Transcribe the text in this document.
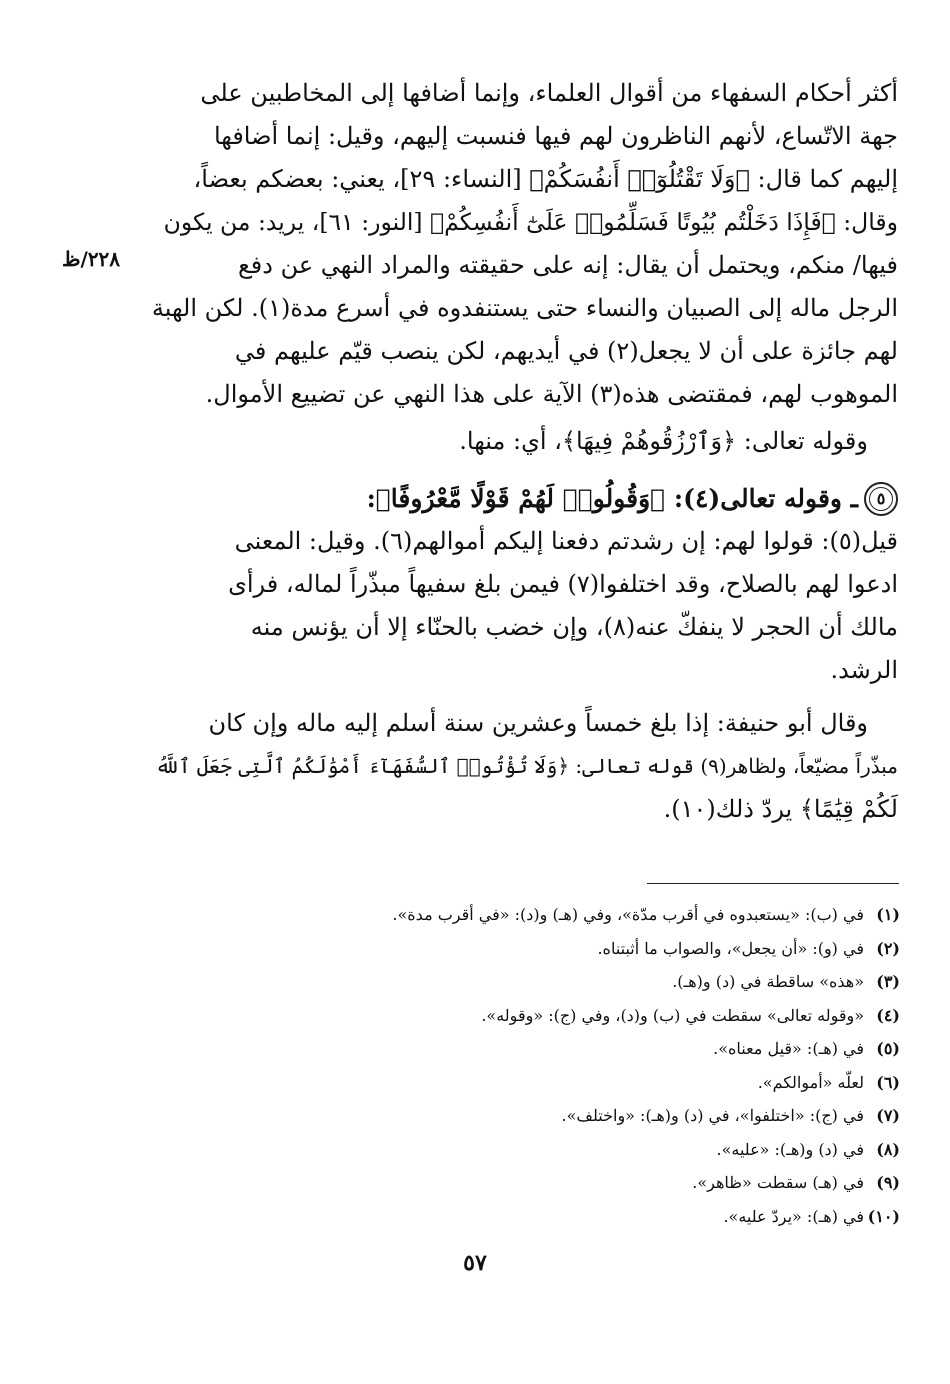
٢٢٨/ظ
أكثر أحكام السفهاء من أقوال العلماء، وإنما أضافها إلى المخاطبين على
جهة الاتّساع، لأنهم الناظرون لهم فيها فنسبت إليهم، وقيل: إنما أضافها
إليهم كما قال: ﴿وَلَا تَقْتُلُوٓا۟ أَنفُسَكُمْ﴾ [النساء: ٢٩]، يعني: بعضكم بعضاً،
وقال: ﴿فَإِذَا دَخَلْتُم بُيُوتًا فَسَلِّمُوا۟ عَلَىٰٓ أَنفُسِكُمْ﴾ [النور: ٦١]، يريد: من يكون
فيها/ منكم، ويحتمل أن يقال: إنه على حقيقته والمراد النهي عن دفع
الرجل ماله إلى الصبيان والنساء حتى يستنفدوه في أسرع مدة(١). لكن الهبة
لهم جائزة على أن لا يجعل(٢) في أيديهم، لكن ينصب قيّم عليهم في
الموهوب لهم، فمقتضى هذه(٣) الآية على هذا النهي عن تضييع الأموال.
وقوله تعالى: ﴿وَٱرْزُقُوهُمْ فِيهَا﴾، أي: منها.
٥
ـ وقوله تعالى(٤): ﴿وَقُولُوا۟ لَهُمْ قَوْلًا مَّعْرُوفًا﴾:
قيل(٥): قولوا لهم: إن رشدتم دفعنا إليكم أموالهم(٦). وقيل: المعنى
ادعوا لهم بالصلاح، وقد اختلفوا(٧) فيمن بلغ سفيهاً مبذّراً لماله، فرأى
مالك أن الحجر لا ينفكّ عنه(٨)، وإن خضب بالحنّاء إلا أن يؤنس منه
الرشد.
وقال أبو حنيفة: إذا بلغ خمساً وعشرين سنة أسلم إليه ماله وإن كان
مبذّراً مضيّعاً، ولظاهر(٩) قوله تعالى: ﴿وَلَا تُؤْتُوا۟ ٱلسُّفَهَآءَ أَمْوَٰلَكُمُ ٱلَّتِى جَعَلَ ٱللَّهُ
لَكُمْ قِيَٰمًا﴾ يردّ ذلك(١٠).
(١)في (ب): «يستعبدوه في أقرب مدّة»، وفي (هـ) و(د): «في أقرب مدة».
(٢)في (و): «أن يجعل»، والصواب ما أثبتناه.
(٣)«هذه» ساقطة في (د) و(هـ).
(٤)«وقوله تعالى» سقطت في (ب) و(د)، وفي (ج): «وقوله».
(٥)في (هـ): «قيل معناه».
(٦)لعلّه «أموالكم».
(٧)في (ج): «اختلفوا»، في (د) و(هـ): «واختلف».
(٨)في (د) و(هـ): «عليه».
(٩)في (هـ) سقطت «ظاهر».
(١٠)في (هـ): «يردّ عليه».
٥٧
